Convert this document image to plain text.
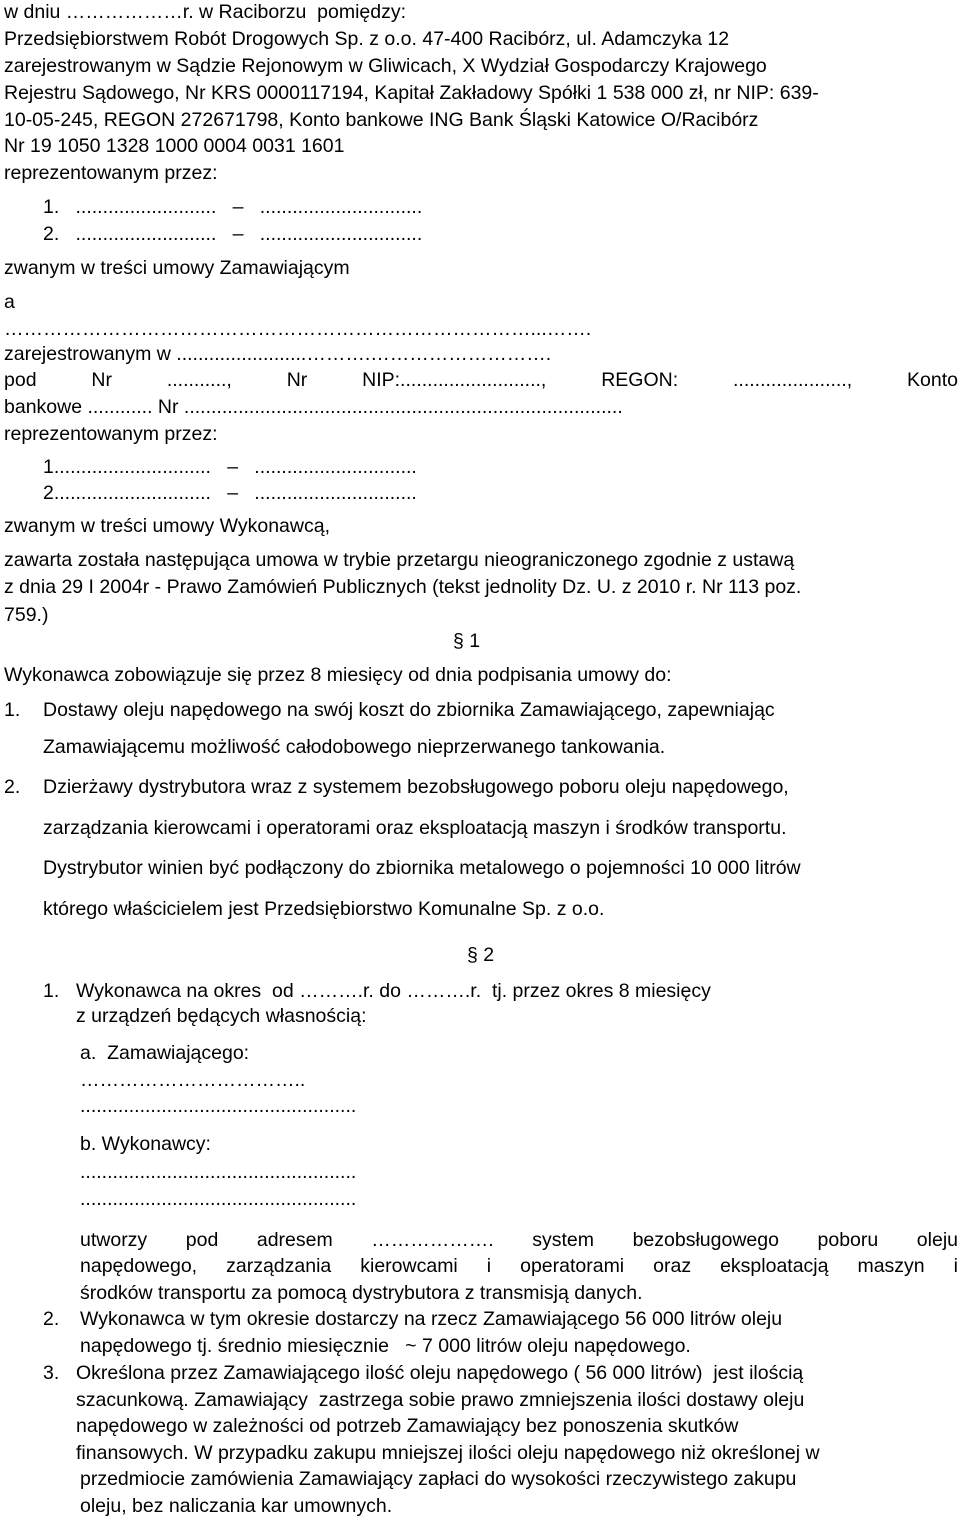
w dniu ………………r. w Raciborzu  pomiędzy:
Przedsiębiorstwem Robót Drogowych Sp. z o.o. 47-400 Racibórz, ul. Adamczyka 12
zarejestrowanym w Sądzie Rejonowym w Gliwicach, X Wydział Gospodarczy Krajowego
Rejestru Sądowego, Nr KRS 0000117194, Kapitał Zakładowy Spółki 1 538 000 zł, nr NIP: 639-
10-05-245, REGON 272671798, Konto bankowe ING Bank Śląski Katowice O/Racibórz
Nr 19 1050 1328 1000 0004 0031 1601
reprezentowanym przez:
1.   ..........................   –   ..............................
2.   ..........................   –   ..............................
zwanym w treści umowy Zamawiającym
a
………………………………………………………………………...…….
zarejestrowanym w ........................……….……………………….
pod Nr ..........., Nr NIP:.........................., REGON: ....................., Konto
bankowe ............ Nr .................................................................................
reprezentowanym przez:
1.............................   –   ..............................
2.............................   –   ..............................
zwanym w treści umowy Wykonawcą,
zawarta została następująca umowa w trybie przetargu nieograniczonego zgodnie z ustawą
z dnia 29 I 2004r - Prawo Zamówień Publicznych (tekst jednolity Dz. U. z 2010 r. Nr 113 poz.
759.)
§ 1
Wykonawca zobowiązuje się przez 8 miesięcy od dnia podpisania umowy do:
1. Dostawy oleju napędowego na swój koszt do zbiornika Zamawiającego, zapewniając
Zamawiającemu możliwość całodobowego nieprzerwanego tankowania.
2. Dzierżawy dystrybutora wraz z systemem bezobsługowego poboru oleju napędowego,
zarządzania kierowcami i operatorami oraz eksploatacją maszyn i środków transportu.
Dystrybutor winien być podłączony do zbiornika metalowego o pojemności 10 000 litrów
którego właścicielem jest Przedsiębiorstwo Komunalne Sp. z o.o.
§ 2
1. Wykonawca na okres  od ……….r. do ……….r.  tj. przez okres 8 miesięcy
z urządzeń będących własnością:
a.  Zamawiającego:
……………………………..
...................................................
b. Wykonawcy:
...................................................
...................................................
utworzy pod adresem ………………. system bezobsługowego poboru oleju
napędowego, zarządzania kierowcami i operatorami oraz eksploatacją maszyn i
środków transportu za pomocą dystrybutora z transmisją danych.
2. Wykonawca w tym okresie dostarczy na rzecz Zamawiającego 56 000 litrów oleju
napędowego tj. średnio miesięcznie   ~ 7 000 litrów oleju napędowego.
3. Określona przez Zamawiającego ilość oleju napędowego ( 56 000 litrów)  jest ilością
szacunkową. Zamawiający  zastrzega sobie prawo zmniejszenia ilości dostawy oleju
napędowego w zależności od potrzeb Zamawiający bez ponoszenia skutków
finansowych. W przypadku zakupu mniejszej ilości oleju napędowego niż określonej w
przedmiocie zamówienia Zamawiający zapłaci do wysokości rzeczywistego zakupu
oleju, bez naliczania kar umownych.
